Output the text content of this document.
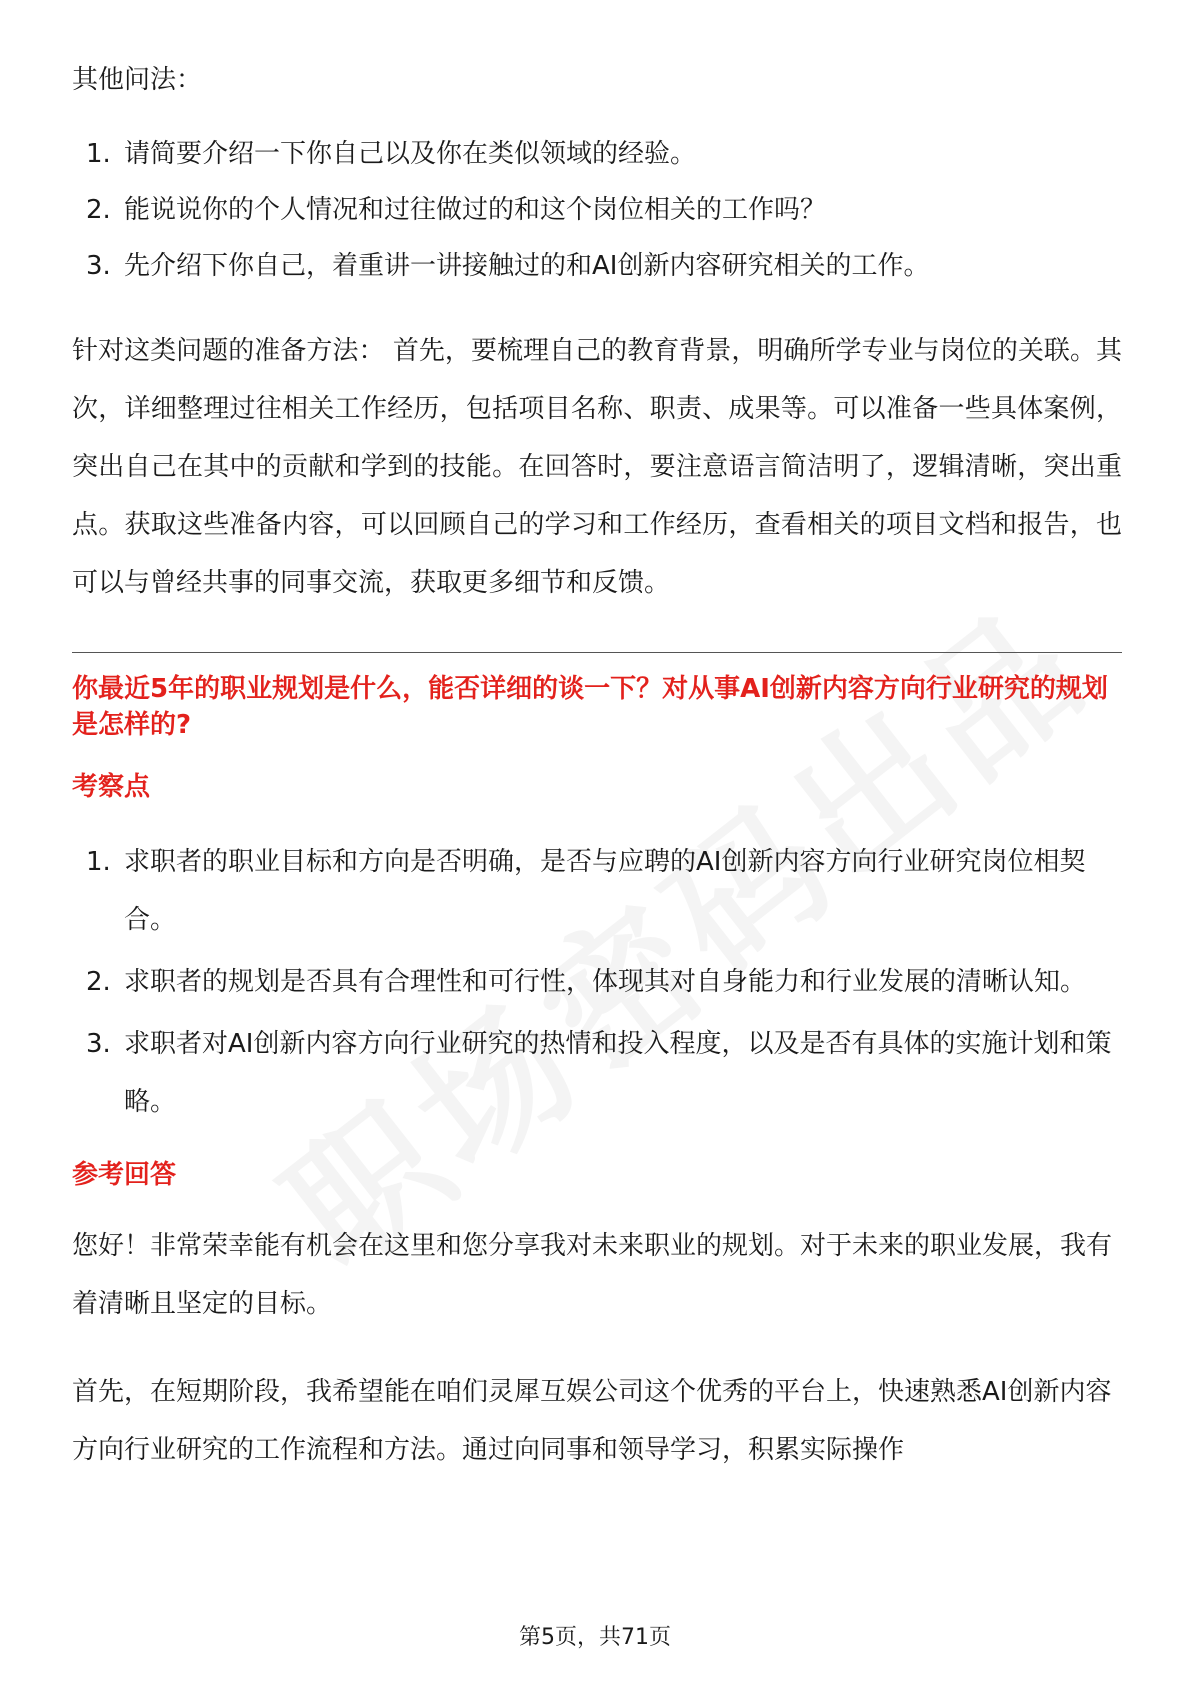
其他问法：
1. 请简要介绍一下你自己以及你在类似领域的经验。
2. 能说说你的个人情况和过往做过的和这个岗位相关的工作吗？
3. 先介绍下你自己，着重讲一讲接触过的和AI创新内容研究相关的工作。

针对这类问题的准备方法： 首先，要梳理自己的教育背景，明确所学专业与岗位的关联。其次，详细整理过往相关工作经历，包括项目名称、职责、成果等。可以准备一些具体案例，突出自己在其中的贡献和学到的技能。在回答时，要注意语言简洁明了，逻辑清晰，突出重点。获取这些准备内容，可以回顾自己的学习和工作经历，查看相关的项目文档和报告，也可以与曾经共事的同事交流，获取更多细节和反馈。

你最近5年的职业规划是什么，能否详细的谈一下？对从事AI创新内容方向行业研究的规划是怎样的?
考察点
1. 求职者的职业目标和方向是否明确，是否与应聘的AI创新内容方向行业研究岗位相契合。
2. 求职者的规划是否具有合理性和可行性，体现其对自身能力和行业发展的清晰认知。
3. 求职者对AI创新内容方向行业研究的热情和投入程度，以及是否有具体的实施计划和策略。
参考回答

您好！非常荣幸能有机会在这里和您分享我对未来职业的规划。对于未来的职业发展，我有着清晰且坚定的目标。

首先，在短期阶段，我希望能在咱们灵犀互娱公司这个优秀的平台上，快速熟悉AI创新内容方向行业研究的工作流程和方法。通过向同事和领导学习，积累实际操作

第5页，共71页
